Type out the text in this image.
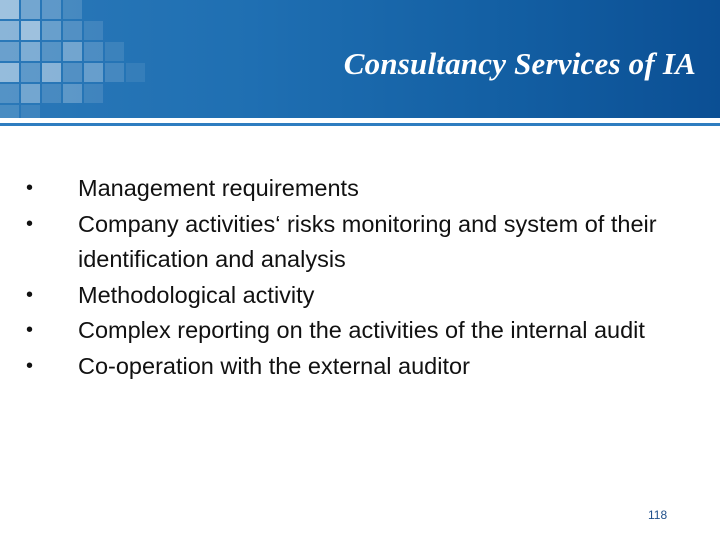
Consultancy Services of IA
•	Management requirements
•	Company activities‘ risks monitoring and system of their identification and analysis
•	Methodological activity
•	Complex reporting on the activities of the internal audit
•	Co-operation with the external auditor
118
